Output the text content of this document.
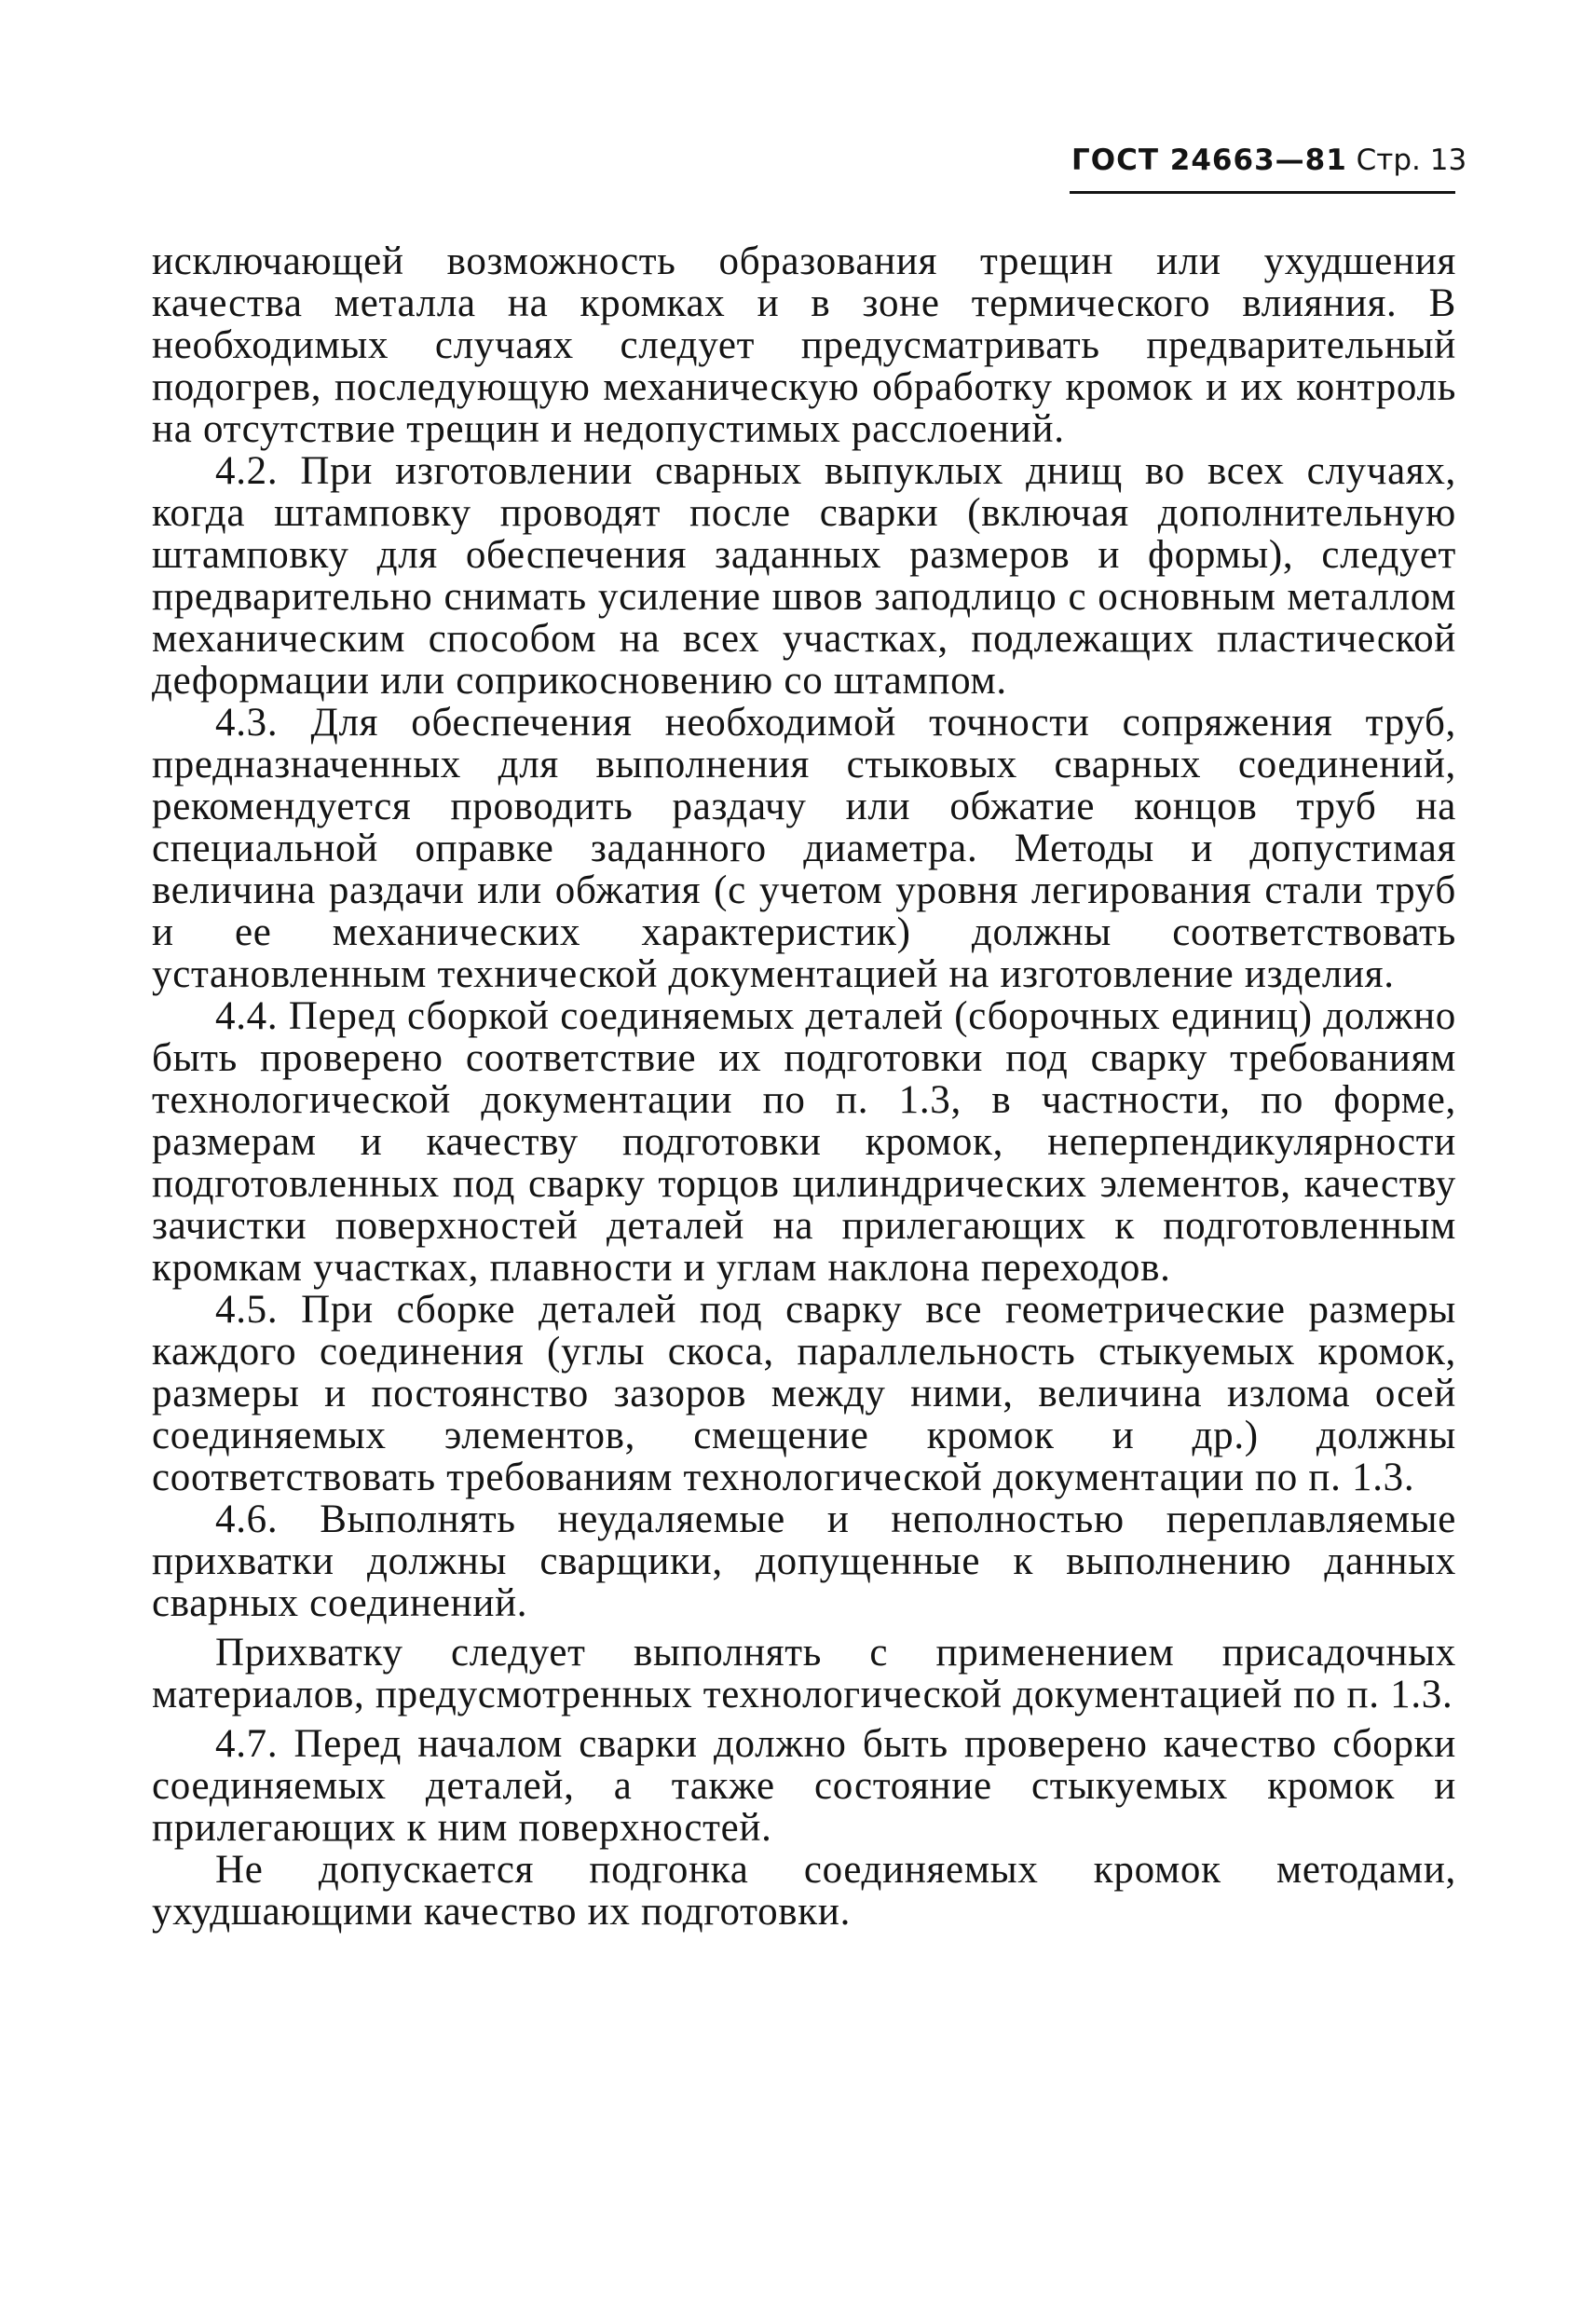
ГОСТ 24663—81 Стр. 13

исключающей возможность образования трещин или ухудшения качества металла на кромках и в зоне термического влияния. В необходимых случаях следует предусматривать предварительный подогрев, последующую механическую обработку кромок и их контроль на отсутствие трещин и недопустимых расслоений.

4.2. При изготовлении сварных выпуклых днищ во всех случаях, когда штамповку проводят после сварки (включая дополнительную штамповку для обеспечения заданных размеров и формы), следует предварительно снимать усиление швов заподлицо с основным металлом механическим способом на всех участках, подлежащих пластической деформации или соприкосновению со штампом.

4.3. Для обеспечения необходимой точности сопряжения труб, предназначенных для выполнения стыковых сварных соединений, рекомендуется проводить раздачу или обжатие концов труб на специальной оправке заданного диаметра. Методы и допустимая величина раздачи или обжатия (с учетом уровня легирования стали труб и ее механических характеристик) должны соответствовать установленным технической документацией на изготовление изделия.

4.4. Перед сборкой соединяемых деталей (сборочных единиц) должно быть проверено соответствие их подготовки под сварку требованиям технологической документации по п. 1.3, в частности, по форме, размерам и качеству подготовки кромок, неперпендикулярности подготовленных под сварку торцов цилиндрических элементов, качеству зачистки поверхностей деталей на прилегающих к подготовленным кромкам участках, плавности и углам наклона переходов.

4.5. При сборке деталей под сварку все геометрические размеры каждого соединения (углы скоса, параллельность стыкуемых кромок, размеры и постоянство зазоров между ними, величина излома осей соединяемых элементов, смещение кромок и др.) должны соответствовать требованиям технологической документации по п. 1.3.

4.6. Выполнять неудаляемые и неполностью переплавляемые прихватки должны сварщики, допущенные к выполнению данных сварных соединений.

Прихватку следует выполнять с применением присадочных материалов, предусмотренных технологической документацией по п. 1.3.

4.7. Перед началом сварки должно быть проверено качество сборки соединяемых деталей, а также состояние стыкуемых кромок и прилегающих к ним поверхностей.

Не допускается подгонка соединяемых кромок методами, ухудшающими качество их подготовки.
